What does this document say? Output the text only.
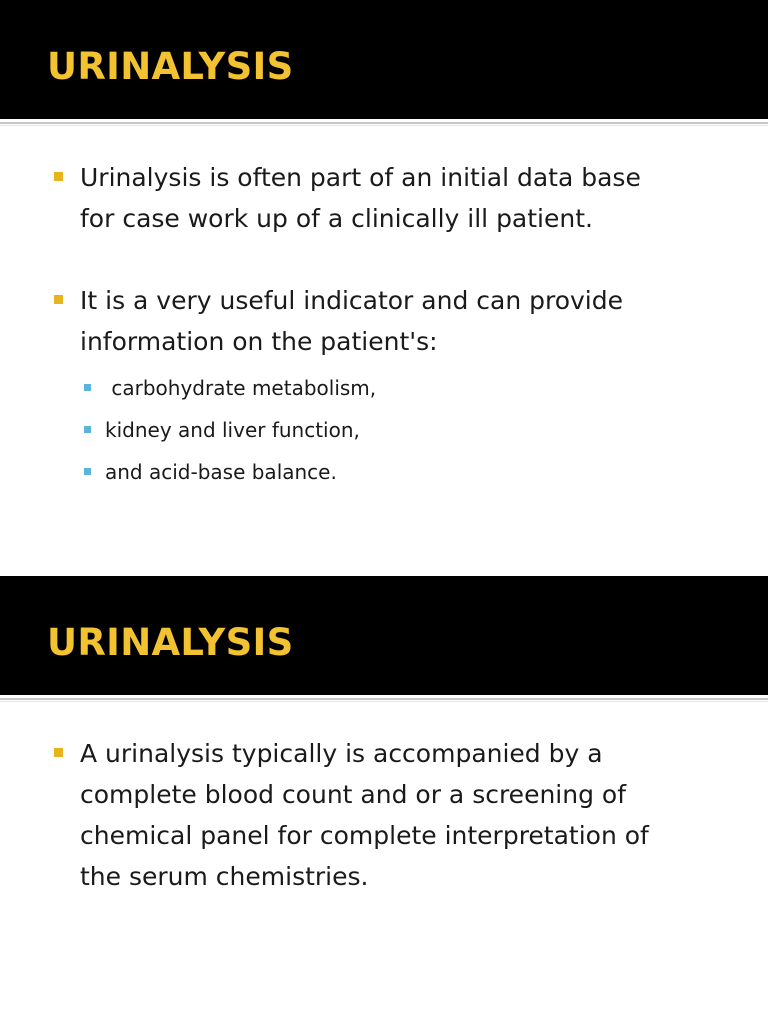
URINALYSIS
Urinalysis is often part of an initial data base
for case work up of a clinically ill patient.
It is a very useful indicator and can provide
information on the patient's:
carbohydrate metabolism,
kidney and liver function,
and acid-base balance.
URINALYSIS
A urinalysis typically is accompanied by a
complete blood count and or a screening of
chemical panel for complete interpretation of
the serum chemistries.
